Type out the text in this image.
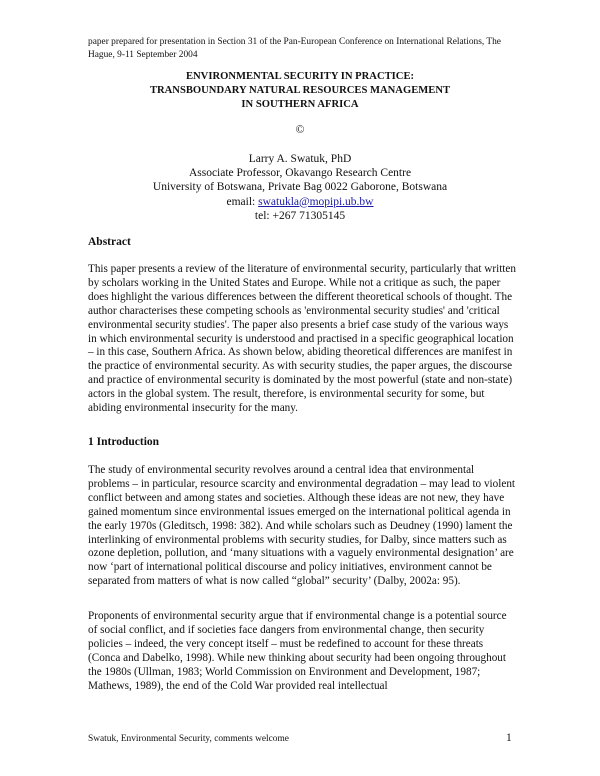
paper prepared for presentation in Section 31 of the Pan-European Conference on International Relations, The Hague, 9-11 September 2004
ENVIRONMENTAL SECURITY IN PRACTICE:
TRANSBOUNDARY NATURAL RESOURCES MANAGEMENT
IN SOUTHERN AFRICA
©
Larry A. Swatuk, PhD
Associate Professor, Okavango Research Centre
University of Botswana, Private Bag 0022 Gaborone, Botswana
email: swatukla@mopipi.ub.bw
tel: +267 71305145
Abstract
This paper presents a review of the literature of environmental security, particularly that written by scholars working in the United States and Europe. While not a critique as such, the paper does highlight the various differences between the different theoretical schools of thought. The author characterises these competing schools as 'environmental security studies' and 'critical environmental security studies'. The paper also presents a brief case study of the various ways in which environmental security is understood and practised in a specific geographical location – in this case, Southern Africa. As shown below, abiding theoretical differences are manifest in the practice of environmental security. As with security studies, the paper argues, the discourse and practice of environmental security is dominated by the most powerful (state and non-state) actors in the global system. The result, therefore, is environmental security for some, but abiding environmental insecurity for the many.
1 Introduction
The study of environmental security revolves around a central idea that environmental problems – in particular, resource scarcity and environmental degradation – may lead to violent conflict between and among states and societies. Although these ideas are not new, they have gained momentum since environmental issues emerged on the international political agenda in the early 1970s (Gleditsch, 1998: 382). And while scholars such as Deudney (1990) lament the interlinking of environmental problems with security studies, for Dalby, since matters such as ozone depletion, pollution, and ‘many situations with a vaguely environmental designation’ are now ‘part of international political discourse and policy initiatives, environment cannot be separated from matters of what is now called “global” security’ (Dalby, 2002a: 95).
Proponents of environmental security argue that if environmental change is a potential source of social conflict, and if societies face dangers from environmental change, then security policies – indeed, the very concept itself – must be redefined to account for these threats (Conca and Dabelko, 1998). While new thinking about security had been ongoing throughout the 1980s (Ullman, 1983; World Commission on Environment and Development, 1987; Mathews, 1989), the end of the Cold War provided real intellectual
Swatuk, Environmental Security, comments welcome	1
